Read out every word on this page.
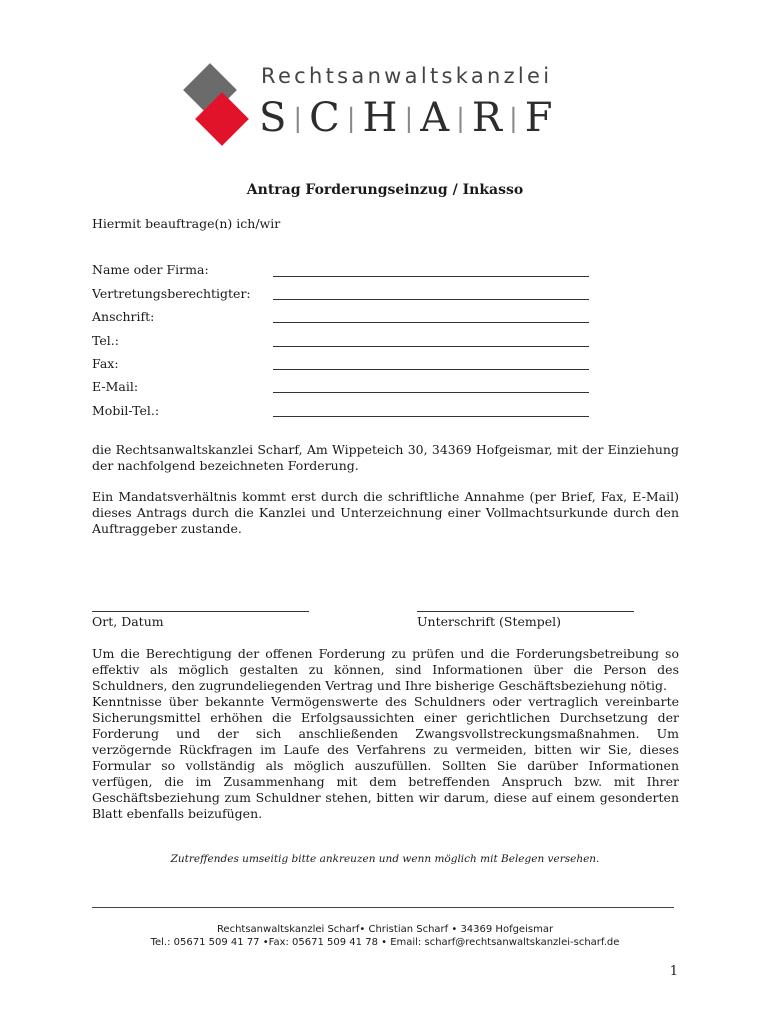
Rechtsanwaltskanzlei
S | C | H | A | R | F
Antrag Forderungseinzug / Inkasso
Hiermit beauftrage(n) ich/wir
Name oder Firma:
Vertretungsberechtigter:
Anschrift:
Tel.:
Fax:
E-Mail:
Mobil-Tel.:
die Rechtsanwaltskanzlei Scharf, Am Wippeteich 30, 34369 Hofgeismar, mit der Einziehung der nachfolgend bezeichneten Forderung.
Ein Mandatsverhältnis kommt erst durch die schriftliche Annahme (per Brief, Fax, E-Mail) dieses Antrags durch die Kanzlei und Unterzeichnung einer Vollmachtsurkunde durch den Auftraggeber zustande.
Ort, Datum	Unterschrift (Stempel)
Um die Berechtigung der offenen Forderung zu prüfen und die Forderungsbetreibung so effektiv als möglich gestalten zu können, sind Informationen über die Person des Schuldners, den zugrundeliegenden Vertrag und Ihre bisherige Geschäftsbeziehung nötig.
Kenntnisse über bekannte Vermögenswerte des Schuldners oder vertraglich vereinbarte Sicherungsmittel erhöhen die Erfolgsaussichten einer gerichtlichen Durchsetzung der Forderung und der sich anschließenden Zwangsvollstreckungsmaßnahmen. Um verzögernde Rückfragen im Laufe des Verfahrens zu vermeiden, bitten wir Sie, dieses Formular so vollständig als möglich auszufüllen. Sollten Sie darüber Informationen verfügen, die im Zusammenhang mit dem betreffenden Anspruch bzw. mit Ihrer Geschäftsbeziehung zum Schuldner stehen, bitten wir darum, diese auf einem gesonderten Blatt ebenfalls beizufügen.
Zutreffendes umseitig bitte ankreuzen und wenn möglich mit Belegen versehen.
Rechtsanwaltskanzlei Scharf• Christian Scharf • 34369 Hofgeismar
Tel.: 05671 509 41 77 •Fax: 05671 509 41 78 • Email: scharf@rechtsanwaltskanzlei-scharf.de
1
